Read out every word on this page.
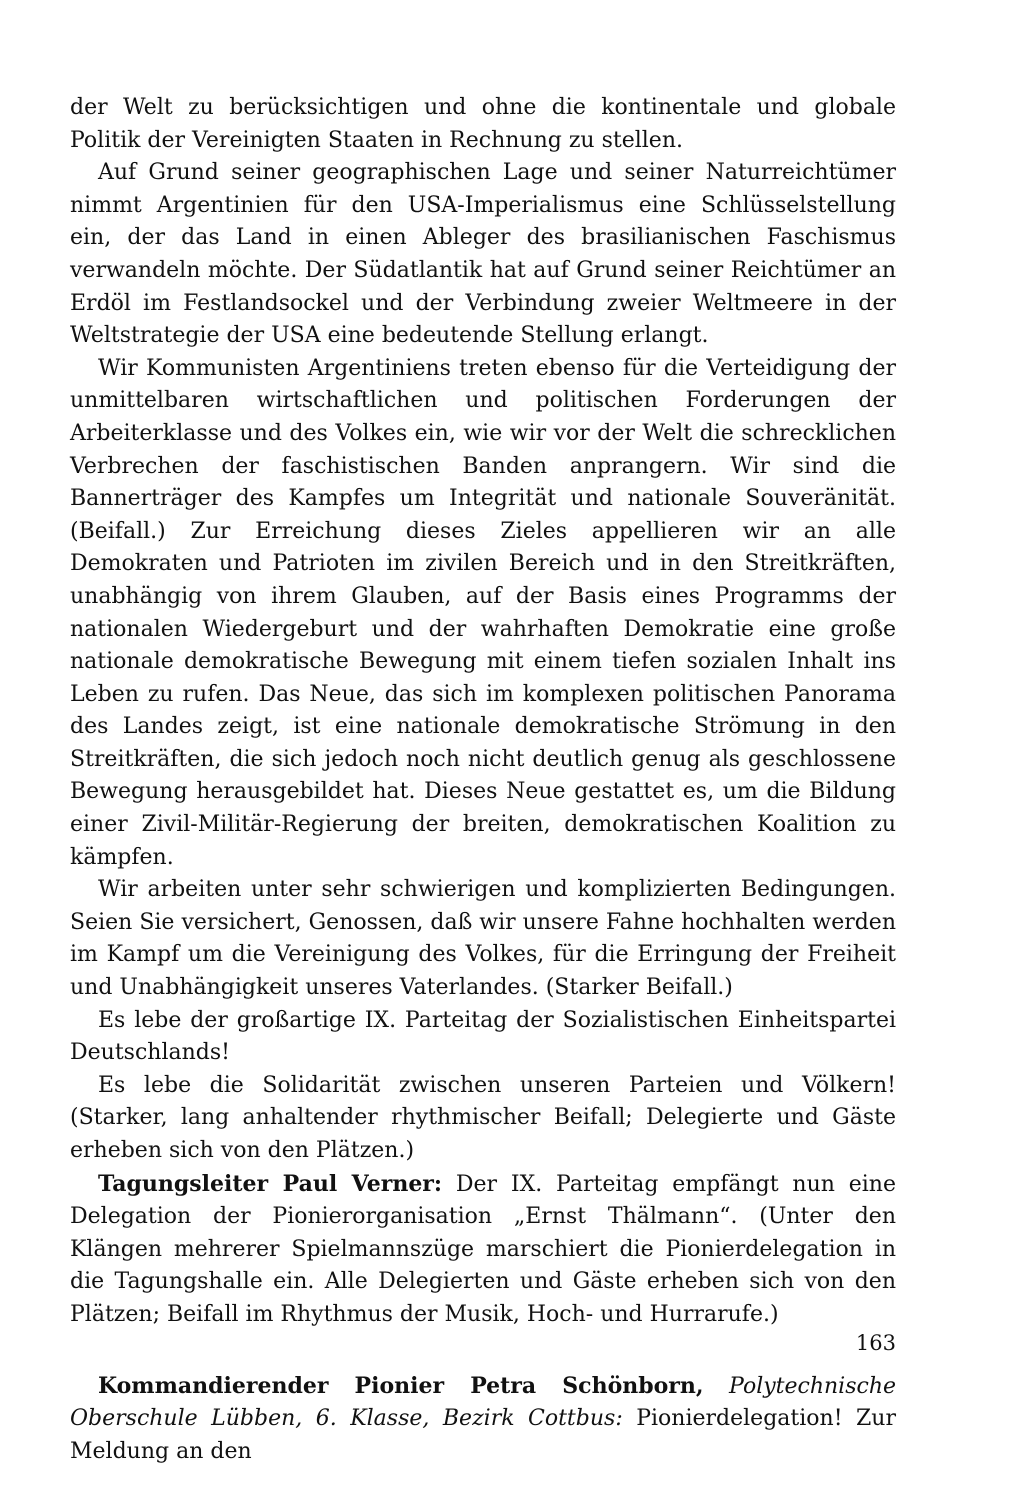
der Welt zu berücksichtigen und ohne die kontinentale und globale Politik der Vereinigten Staaten in Rechnung zu stellen.

Auf Grund seiner geographischen Lage und seiner Naturreichtümer nimmt Argentinien für den USA-Imperialismus eine Schlüsselstellung ein, der das Land in einen Ableger des brasilianischen Faschismus verwandeln möchte. Der Südatlantik hat auf Grund seiner Reichtümer an Erdöl im Festlandsockel und der Verbindung zweier Weltmeere in der Weltstrategie der USA eine bedeutende Stellung erlangt.

Wir Kommunisten Argentiniens treten ebenso für die Verteidigung der unmittelbaren wirtschaftlichen und politischen Forderungen der Arbeiterklasse und des Volkes ein, wie wir vor der Welt die schrecklichen Verbrechen der faschistischen Banden anprangern. Wir sind die Bannerträger des Kampfes um Integrität und nationale Souveränität. (Beifall.) Zur Erreichung dieses Zieles appellieren wir an alle Demokraten und Patrioten im zivilen Bereich und in den Streitkräften, unabhängig von ihrem Glauben, auf der Basis eines Programms der nationalen Wiedergeburt und der wahrhaften Demokratie eine große nationale demokratische Bewegung mit einem tiefen sozialen Inhalt ins Leben zu rufen. Das Neue, das sich im komplexen politischen Panorama des Landes zeigt, ist eine nationale demokratische Strömung in den Streitkräften, die sich jedoch noch nicht deutlich genug als geschlossene Bewegung herausgebildet hat. Dieses Neue gestattet es, um die Bildung einer Zivil-Militär-Regierung der breiten, demokratischen Koalition zu kämpfen.

Wir arbeiten unter sehr schwierigen und komplizierten Bedingungen. Seien Sie versichert, Genossen, daß wir unsere Fahne hochhalten werden im Kampf um die Vereinigung des Volkes, für die Erringung der Freiheit und Unabhängigkeit unseres Vaterlandes. (Starker Beifall.)

Es lebe der großartige IX. Parteitag der Sozialistischen Einheitspartei Deutschlands!

Es lebe die Solidarität zwischen unseren Parteien und Völkern! (Starker, lang anhaltender rhythmischer Beifall; Delegierte und Gäste erheben sich von den Plätzen.)

Tagungsleiter Paul Verner: Der IX. Parteitag empfängt nun eine Delegation der Pionierorganisation „Ernst Thälmann“. (Unter den Klängen mehrerer Spielmannszüge marschiert die Pionierdelegation in die Tagungshalle ein. Alle Delegierten und Gäste erheben sich von den Plätzen; Beifall im Rhythmus der Musik, Hoch- und Hurrarufe.)

Kommandierender Pionier Petra Schönborn, Polytechnische Oberschule Lübben, 6. Klasse, Bezirk Cottbus: Pionierdelegation! Zur Meldung an den

163
